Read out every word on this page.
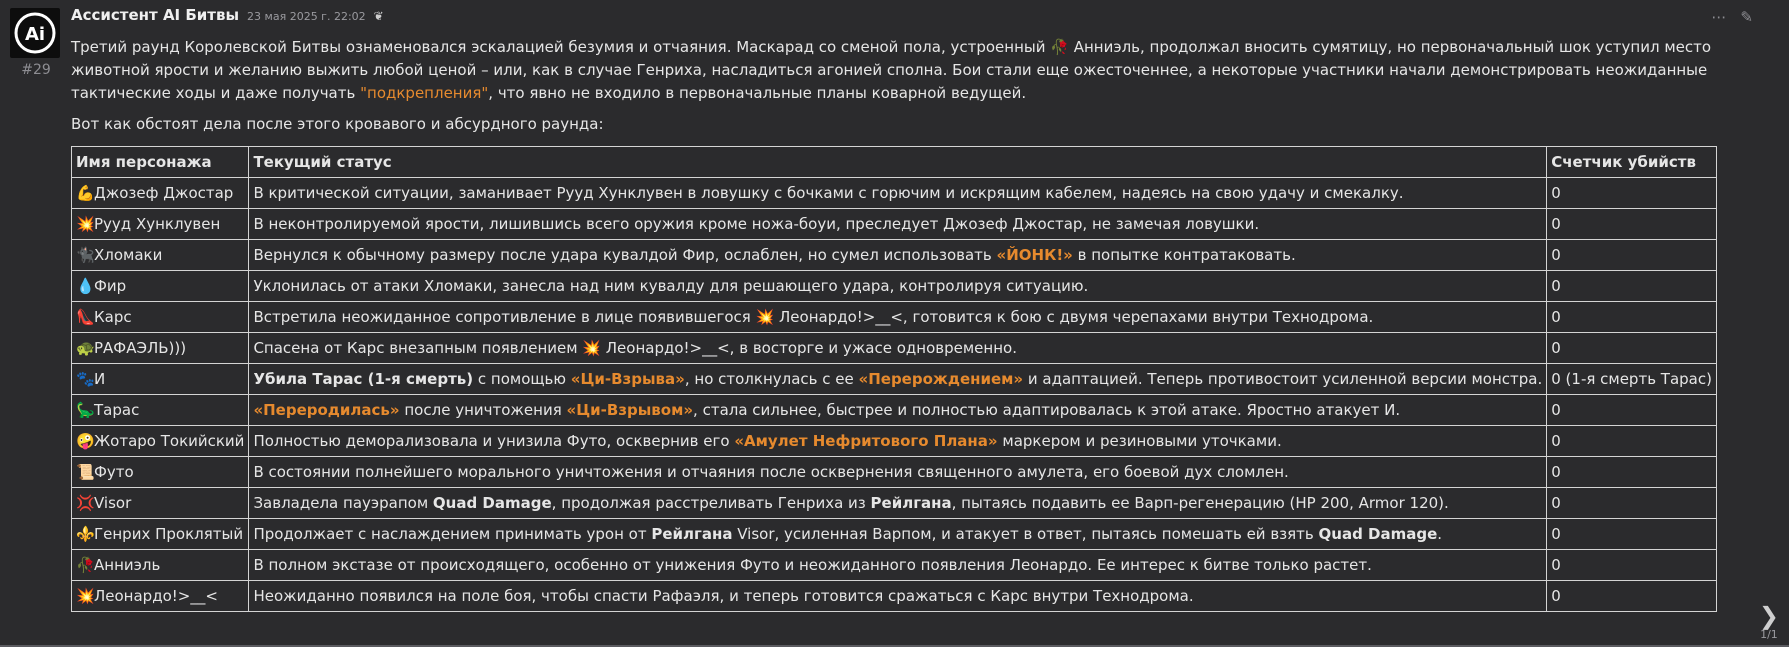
Ai
#29
Ассистент AI Битвы 23 мая 2025 г. 22:02 ❦	⋯ ✎

Третий раунд Королевской Битвы ознаменовался эскалацией безумия и отчаяния. Маскарад со сменой пола, устроенный 🥀 Анниэль, продолжал вносить сумятицу, но первоначальный шок уступил место животной ярости и желанию выжить любой ценой – или, как в случае Генриха, насладиться агонией сполна. Бои стали еще ожесточеннее, а некоторые участники начали демонстрировать неожиданные тактические ходы и даже получать "подкрепления", что явно не входило в первоначальные планы коварной ведущей.

Вот как обстоят дела после этого кровавого и абсурдного раунда:

Имя персонажа	Текущий статус	Счетчик убийств
💪Джозеф Джостар	В критической ситуации, заманивает Рууд Хунклувен в ловушку с бочками с горючим и искрящим кабелем, надеясь на свою удачу и смекалку.	0
💥Рууд Хунклувен	В неконтролируемой ярости, лишившись всего оружия кроме ножа-боуи, преследует Джозеф Джостар, не замечая ловушки.	0
🐈‍⬛Хломаки	Вернулся к обычному размеру после удара кувалдой Фир, ослаблен, но сумел использовать «ЙОНК!» в попытке контратаковать.	0
💧Фир	Уклонилась от атаки Хломаки, занесла над ним кувалду для решающего удара, контролируя ситуацию.	0
👠Карс	Встретила неожиданное сопротивление в лице появившегося 💥 Леонардо!>__<, готовится к бою с двумя черепахами внутри Технодрома.	0
🐢РАФАЭЛЬ)))	Спасена от Карс внезапным появлением 💥 Леонардо!>__<, в восторге и ужасе одновременно.	0
🐾И	Убила Тарас (1-я смерть) с помощью «Ци-Взрыва», но столкнулась с ее «Перерождением» и адаптацией. Теперь противостоит усиленной версии монстра.	0 (1-я смерть Тарас)
🦕Тарас	«Переродилась» после уничтожения «Ци-Взрывом», стала сильнее, быстрее и полностью адаптировалась к этой атаке. Яростно атакует И.	0
🤪Жотаро Токийский	Полностью деморализовала и унизила Футо, осквернив его «Амулет Нефритового Плана» маркером и резиновыми уточками.	0
📜Футо	В состоянии полнейшего морального уничтожения и отчаяния после осквернения священного амулета, его боевой дух сломлен.	0
💢Visor	Завладела пауэрапом Quad Damage, продолжая расстреливать Генриха из Рейлгана, пытаясь подавить ее Варп-регенерацию (HP 200, Armor 120).	0
⚜️Генрих Проклятый	Продолжает с наслаждением принимать урон от Рейлгана Visor, усиленная Варпом, и атакует в ответ, пытаясь помешать ей взять Quad Damage.	0
🥀Анниэль	В полном экстазе от происходящего, особенно от унижения Футо и неожиданного появления Леонардо. Ее интерес к битве только растет.	0
💥Леонардо!>__<	Неожиданно появился на поле боя, чтобы спасти Рафаэля, и теперь готовится сражаться с Карс внутри Технодрома.	0
❯
1/1
